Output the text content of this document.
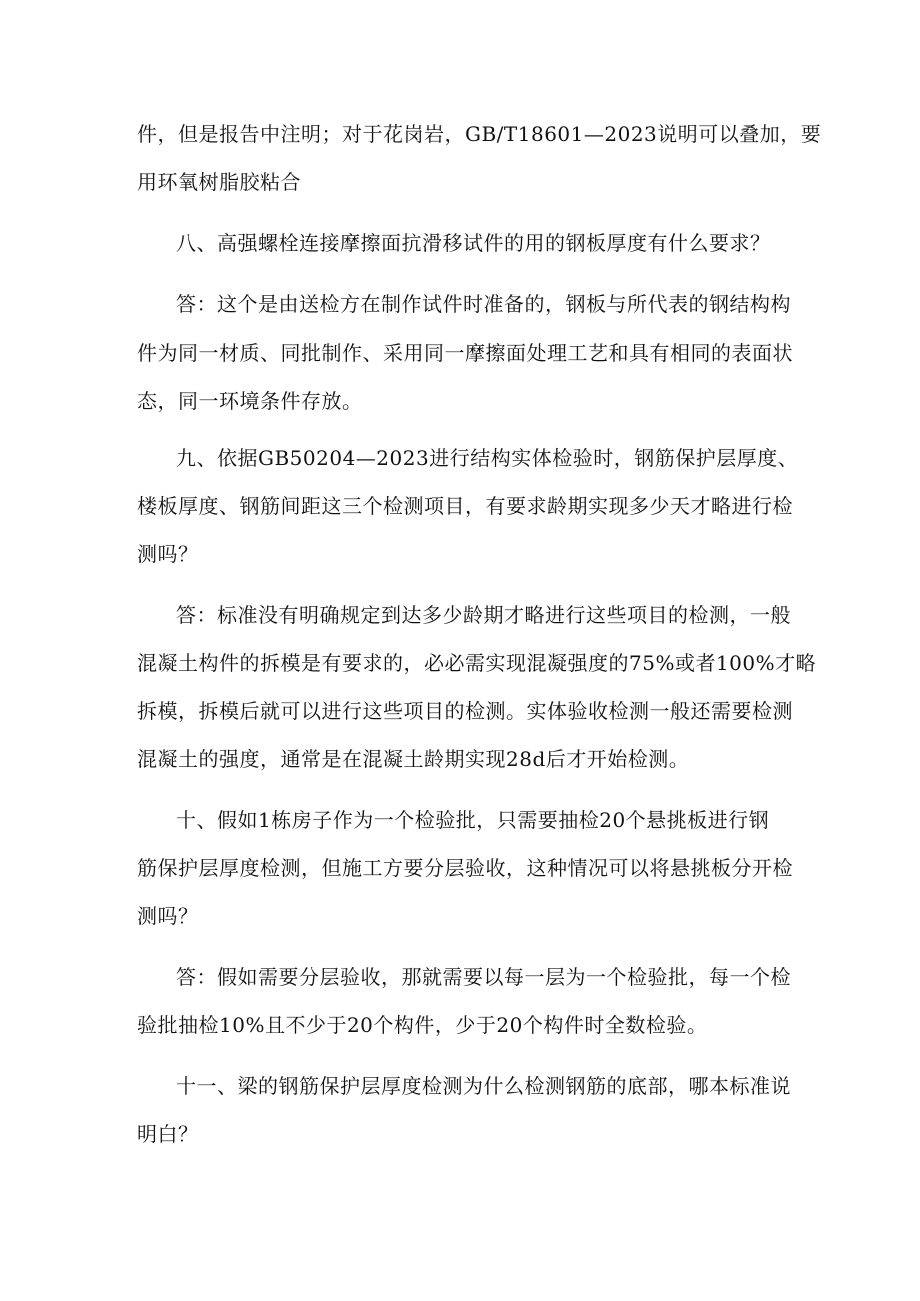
件，但是报告中注明；对于花岗岩，GB/T18601—2023说明可以叠加，要
用环氧树脂胶粘合
八、高强螺栓连接摩擦面抗滑移试件的用的钢板厚度有什么要求？
答：这个是由送检方在制作试件时准备的，钢板与所代表的钢结构构
件为同一材质、同批制作、采用同一摩擦面处理工艺和具有相同的表面状
态，同一环境条件存放。
九、依据GB50204—2023进行结构实体检验时，钢筋保护层厚度、
楼板厚度、钢筋间距这三个检测项目，有要求龄期实现多少天才略进行检
测吗？
答：标准没有明确规定到达多少龄期才略进行这些项目的检测，一般
混凝土构件的拆模是有要求的，必必需实现混凝强度的75%或者100%才略
拆模，拆模后就可以进行这些项目的检测。实体验收检测一般还需要检测
混凝土的强度，通常是在混凝土龄期实现28d后才开始检测。
十、假如1栋房子作为一个检验批，只需要抽检20个悬挑板进行钢
筋保护层厚度检测，但施工方要分层验收，这种情况可以将悬挑板分开检
测吗？
答：假如需要分层验收，那就需要以每一层为一个检验批，每一个检
验批抽检10%且不少于20个构件，少于20个构件时全数检验。
十一、梁的钢筋保护层厚度检测为什么检测钢筋的底部，哪本标准说
明白？
